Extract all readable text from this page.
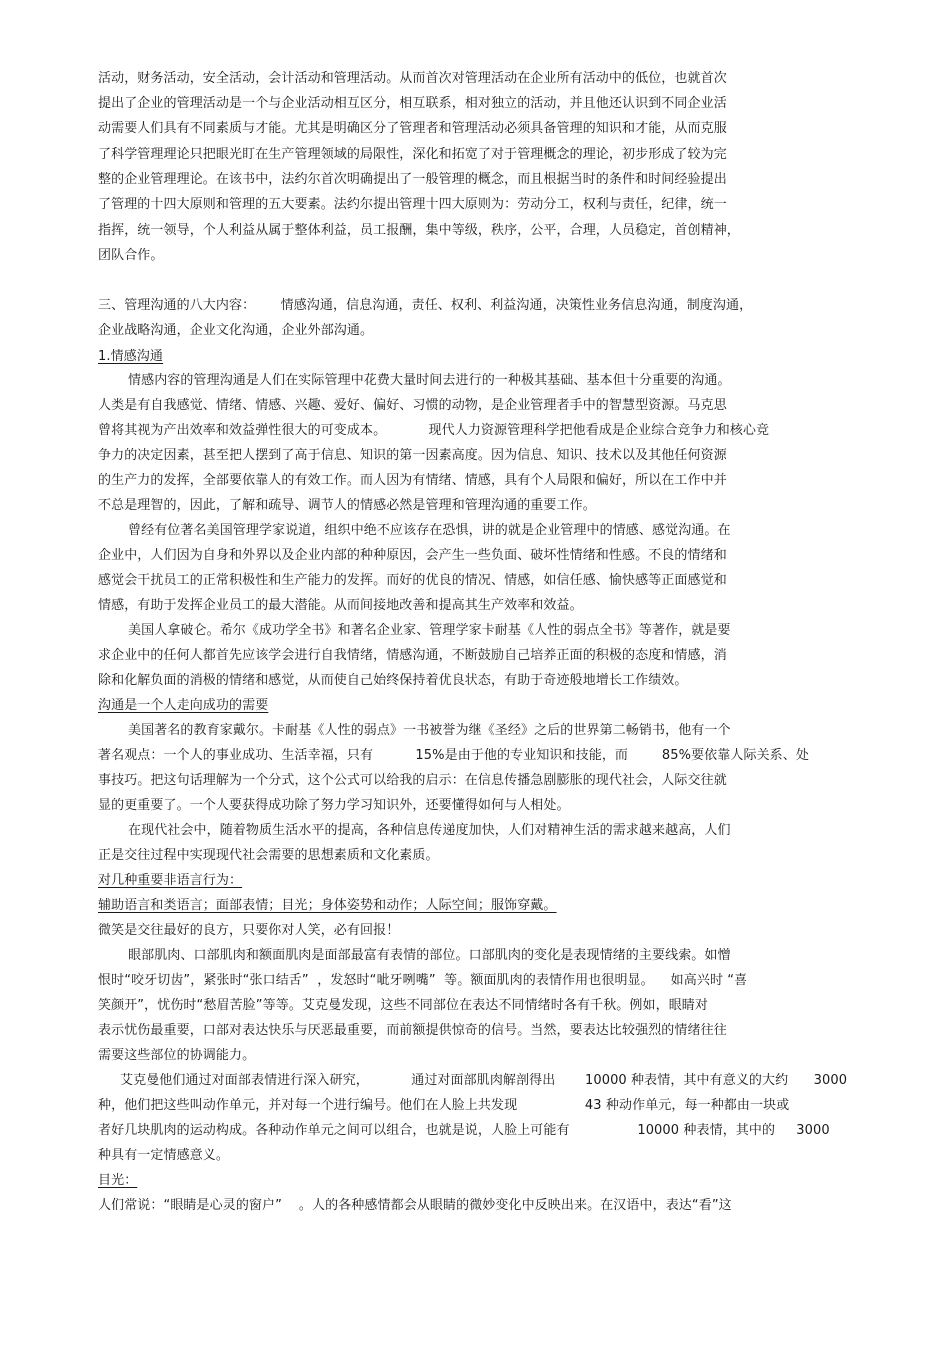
活动，财务活动，安全活动，会计活动和管理活动。从而首次对管理活动在企业所有活动中的低位，也就首次
提出了企业的管理活动是一个与企业活动相互区分，相互联系，相对独立的活动，并且他还认识到不同企业活
动需要人们具有不同素质与才能。尤其是明确区分了管理者和管理活动必须具备管理的知识和才能，从而克服
了科学管理理论只把眼光盯在生产管理领域的局限性，深化和拓宽了对于管理概念的理论，初步形成了较为完
整的企业管理理论。在该书中，法约尔首次明确提出了一般管理的概念，而且根据当时的条件和时间经验提出
了管理的十四大原则和管理的五大要素。法约尔提出管理十四大原则为：劳动分工，权利与责任，纪律，统一
指挥，统一领导，个人利益从属于整体利益，员工报酬，集中等级，秩序，公平，合理，人员稳定，首创精神，
团队合作。
三、管理沟通的八大内容：      情感沟通，信息沟通，责任、权利、利益沟通，决策性业务信息沟通，制度沟通，
企业战略沟通，企业文化沟通，企业外部沟通。
1.情感沟通
情感内容的管理沟通是人们在实际管理中花费大量时间去进行的一种极其基础、基本但十分重要的沟通。
人类是有自我感觉、情绪、情感、兴趣、爱好、偏好、习惯的动物，是企业管理者手中的智慧型资源。马克思
曾将其视为产出效率和效益弹性很大的可变成本。          现代人力资源管理科学把他看成是企业综合竞争力和核心竞
争力的决定因素，甚至把人摆到了高于信息、知识的第一因素高度。因为信息、知识、技术以及其他任何资源
的生产力的发挥，全部要依靠人的有效工作。而人因为有情绪、情感，具有个人局限和偏好，所以在工作中并
不总是理智的，因此，了解和疏导、调节人的情感必然是管理和管理沟通的重要工作。
曾经有位著名美国管理学家说道，组织中绝不应该存在恐惧，讲的就是企业管理中的情感、感觉沟通。在
企业中，人们因为自身和外界以及企业内部的种种原因，会产生一些负面、破坏性情绪和性感。不良的情绪和
感觉会干扰员工的正常积极性和生产能力的发挥。而好的优良的情况、情感，如信任感、愉快感等正面感觉和
情感，有助于发挥企业员工的最大潜能。从而间接地改善和提高其生产效率和效益。
美国人拿破仑。希尔《成功学全书》和著名企业家、管理学家卡耐基《人性的弱点全书》等著作，就是要
求企业中的任何人都首先应该学会进行自我情绪，情感沟通，不断鼓励自己培养正面的积极的态度和情感，消
除和化解负面的消极的情绪和感觉，从而使自己始终保持着优良状态，有助于奇迹般地增长工作绩效。
沟通是一个人走向成功的需要
美国著名的教育家戴尔。卡耐基《人性的弱点》一书被誉为继《圣经》之后的世界第二畅销书，他有一个
著名观点：一个人的事业成功、生活幸福，只有          15%是由于他的专业知识和技能，而        85%要依靠人际关系、处
事技巧。把这句话理解为一个分式，这个公式可以给我的启示：在信息传播急剧膨胀的现代社会，人际交往就
显的更重要了。一个人要获得成功除了努力学习知识外，还要懂得如何与人相处。
在现代社会中，随着物质生活水平的提高，各种信息传递度加快，人们对精神生活的需求越来越高，人们
正是交往过程中实现现代社会需要的思想素质和文化素质。
对几种重要非语言行为：
辅助语言和类语言；面部表情；目光；身体姿势和动作；人际空间；服饰穿戴。
微笑是交往最好的良方，只要你对人笑，必有回报！
眼部肌肉、口部肌肉和额面肌肉是面部最富有表情的部位。口部肌肉的变化是表现情绪的主要线索。如憎
恨时“咬牙切齿”，紧张时“张口结舌”  ，发怒时“呲牙咧嘴”  等。额面肌肉的表情作用也很明显。    如高兴时 “喜
笑颜开”，忧伤时“愁眉苦脸”等等。艾克曼发现，这些不同部位在表达不同情绪时各有千秋。例如，眼睛对
表示忧伤最重要，口部对表达快乐与厌恶最重要，而前额提供惊奇的信号。当然，要表达比较强烈的情绪往往
需要这些部位的协调能力。
艾克曼他们通过对面部表情进行深入研究，          通过对面部肌肉解剖得出       10000 种表情，其中有意义的大约      3000
种，他们把这些叫动作单元，并对每一个进行编号。他们在人脸上共发现                43 种动作单元，每一种都由一块或
者好几块肌肉的运动构成。各种动作单元之间可以组合，也就是说，人脸上可能有                10000 种表情，其中的     3000
种具有一定情感意义。
目光：
人们常说：“眼睛是心灵的窗户”    。人的各种感情都会从眼睛的微妙变化中反映出来。在汉语中，表达“看”这
